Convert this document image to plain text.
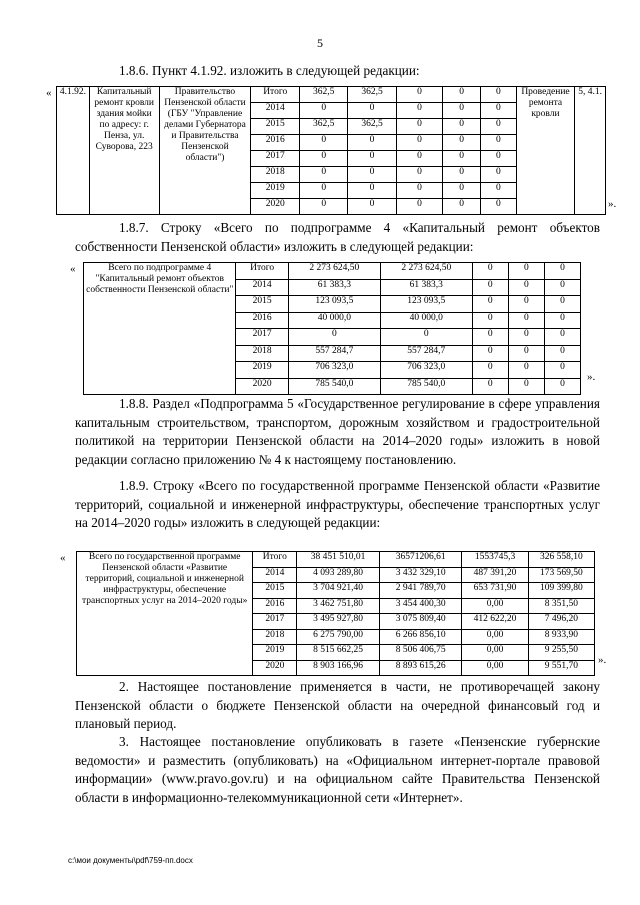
5
1.8.6. Пункт 4.1.92. изложить в следующей редакции:
« 4.1.92.	Капитальный ремонт кровли здания мойки по адресу: г. Пенза, ул. Суворова, 223	Правительство Пензенской области (ГБУ "Управление делами Губернатора и Правительства Пензенской области")	Итого	362,5	362,5	0	0	0	Проведение ремонта кровли	5, 4.1.
			2014	0	0	0	0	0		
			2015	362,5	362,5	0	0	0		
			2016	0	0	0	0	0		
			2017	0	0	0	0	0		
			2018	0	0	0	0	0		
			2019	0	0	0	0	0		
			2020	0	0	0	0	0			».
1.8.7. Строку «Всего по подпрограмме 4 «Капитальный ремонт объектов собственности Пензенской области» изложить в следующей редакции:
«	Всего по подпрограмме 4 "Капитальный ремонт объектов собственности Пензенской области"	Итого	2 273 624,50	2 273 624,50	0	0	0
	2014	61 383,3	61 383,3	0	0	0
	2015	123 093,5	123 093,5	0	0	0
	2016	40 000,0	40 000,0	0	0	0
	2017	0	0	0	0	0
	2018	557 284,7	557 284,7	0	0	0
	2019	706 323,0	706 323,0	0	0	0
	2020	785 540,0	785 540,0	0	0	0
».
1.8.8. Раздел «Подпрограмма 5 «Государственное регулирование в сфере управления капитальным строительством, транспортом, дорожным хозяйством и градостроительной политикой на территории Пензенской области на 2014–2020 годы» изложить в новой редакции согласно приложению № 4 к настоящему постановлению.
1.8.9. Строку «Всего по государственной программе Пензенской области «Развитие территорий, социальной и инженерной инфраструктуры, обеспечение транспортных услуг на 2014–2020 годы» изложить в следующей редакции:
« Всего по государственной программе Пензенской области «Развитие территорий, социальной и инженерной инфраструктуры, обеспечение транспортных услуг на 2014–2020 годы»	Итого	38 451 510,01	36571206,61	1553745,3	326 558,10
	2014	4 093 289,80	3 432 329,10	487 391,20	173 569,50
	2015	3 704 921,40	2 941 789,70	653 731,90	109 399,80
	2016	3 462 751,80	3 454 400,30	0,00	8 351,50
	2017	3 495 927,80	3 075 809,40	412 622,20	7 496,20
	2018	6 275 790,00	6 266 856,10	0,00	8 933,90
	2019	8 515 662,25	8 506 406,75	0,00	9 255,50
	2020	8 903 166,96	8 893 615,26	0,00	9 551,70 ».
2. Настоящее постановление применяется в части, не противоречащей закону Пензенской области о бюджете Пензенской области на очередной финансовый год и плановый период.
3. Настоящее постановление опубликовать в газете «Пензенские губернские ведомости» и разместить (опубликовать) на «Официальном интернет-портале правовой информации» (www.pravo.gov.ru) и на официальном сайте Правительства Пензенской области в информационно-телекоммуникационной сети «Интернет».
c:\мои документы\pdf\759-пп.docx
